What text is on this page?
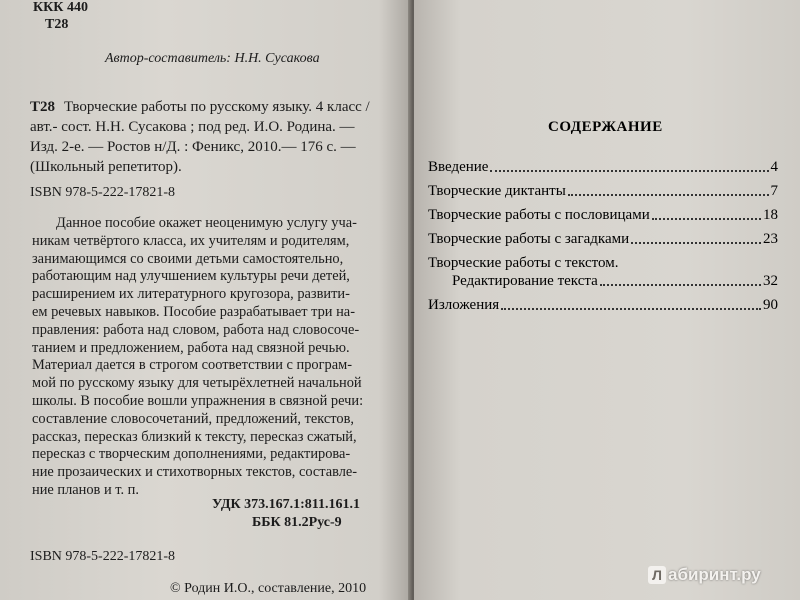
ККК 440
Т28
Автор-составитель: Н.Н. Сусакова
Т28 Творческие работы по русскому языку. 4 класс /
авт.- сост. Н.Н. Сусакова ; под ред. И.О. Родина. —
Изд. 2-е. — Ростов н/Д. : Феникс, 2010.— 176 с. —
(Школьный репетитор).
ISBN 978-5-222-17821-8
Данное пособие окажет неоценимую услугу уча-
никам четвёртого класса, их учителям и родителям,
занимающимся со своими детьми самостоятельно,
работающим над улучшением культуры речи детей,
расширением их литературного кругозора, развити-
ем речевых навыков. Пособие разрабатывает три на-
правления: работа над словом, работа над словосоче-
танием и предложением, работа над связной речью.
Материал дается в строгом соответствии с програм-
мой по русскому языку для четырёхлетней начальной
школы. В пособие вошли упражнения в связной речи:
составление словосочетаний, предложений, текстов,
рассказ, пересказ близкий к тексту, пересказ сжатый,
пересказ с творческим дополнениями, редактирова-
ние прозаических и стихотворных текстов, составле-
ние планов и т. п.
УДК 373.167.1:811.161.1
ББК 81.2Рус-9
ISBN 978-5-222-17821-8
© Родин И.О., составление, 2010
СОДЕРЖАНИЕ
Введение	4
Творческие диктанты	7
Творческие работы с пословицами	18
Творческие работы с загадками	23
Творческие работы с текстом.
Редактирование текста	32
Изложения	90
Л абиринт.ру
